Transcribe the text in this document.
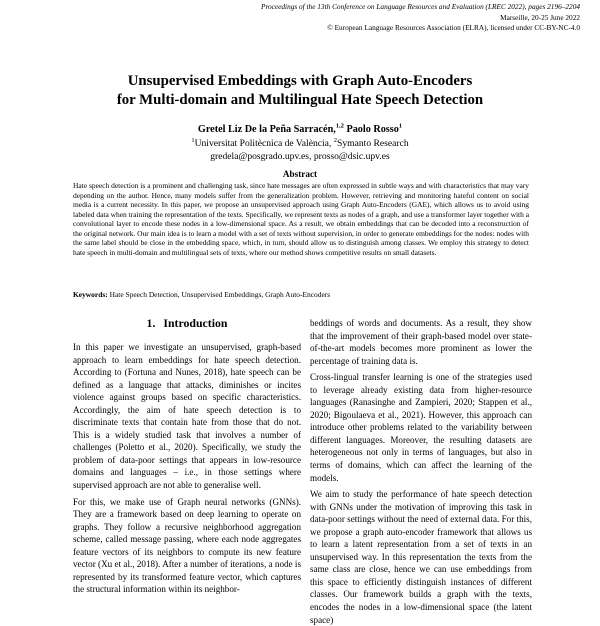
Proceedings of the 13th Conference on Language Resources and Evaluation (LREC 2022), pages 2196–2204
Marseille, 20-25 June 2022
© European Language Resources Association (ELRA), licensed under CC-BY-NC-4.0
Unsupervised Embeddings with Graph Auto-Encoders
for Multi-domain and Multilingual Hate Speech Detection
Gretel Liz De la Peña Sarracén,$^{1,2}$ Paolo Rosso$^1$
$^1$Universitat Politècnica de València, $^2$Symanto Research
gredela@posgrado.upv.es, prosso@dsic.upv.es
Abstract
Hate speech detection is a prominent and challenging task, since hate messages are often expressed in subtle ways and with characteristics that may vary depending on the author. Hence, many models suffer from the generalization problem. However, retrieving and monitoring hateful content on social media is a current necessity. In this paper, we propose an unsupervised approach using Graph Auto-Encoders (GAE), which allows us to avoid using labeled data when training the representation of the texts. Specifically, we represent texts as nodes of a graph, and use a transformer layer together with a convolutional layer to encode these nodes in a low-dimensional space. As a result, we obtain embeddings that can be decoded into a reconstruction of the original network. Our main idea is to learn a model with a set of texts without supervision, in order to generate embeddings for the nodes: nodes with the same label should be close in the embedding space, which, in turn, should allow us to distinguish among classes. We employ this strategy to detect hate speech in multi-domain and multilingual sets of texts, where our method shows competitive results on small datasets.
Keywords: Hate Speech Detection, Unsupervised Embeddings, Graph Auto-Encoders
1. Introduction

In this paper we investigate an unsupervised, graph-based approach to learn embeddings for hate speech detection. According to (Fortuna and Nunes, 2018), hate speech can be defined as a language that attacks, diminishes or incites violence against groups based on specific characteristics. Accordingly, the aim of hate speech detection is to discriminate texts that contain hate from those that do not. This is a widely studied task that involves a number of challenges (Poletto et al., 2020). Specifically, we study the problem of data-poor settings that appears in low-resource domains and languages – i.e., in those settings where supervised approach are not able to generalise well.

For this, we make use of Graph neural networks (GNNs). They are a framework based on deep learning to operate on graphs. They follow a recursive neighborhood aggregation scheme, called message passing, where each node aggregates feature vectors of its neighbors to compute its new feature vector (Xu et al., 2018). After a number of iterations, a node is represented by its transformed feature vector, which captures the structural information within its neighbor-

beddings of words and documents. As a result, they show that the improvement of their graph-based model over state-of-the-art models becomes more prominent as lower the percentage of training data is.

Cross-lingual transfer learning is one of the strategies used to leverage already existing data from higher-resource languages (Ranasinghe and Zampieri, 2020; Stappen et al., 2020; Bigoulaeva et al., 2021). However, this approach can introduce other problems related to the variability between different languages. Moreover, the resulting datasets are heterogeneous not only in terms of languages, but also in terms of domains, which can affect the learning of the models.

We aim to study the performance of hate speech detection with GNNs under the motivation of improving this task in data-poor settings without the need of external data. For this, we propose a graph auto-encoder framework that allows us to learn a latent representation from a set of texts in an unsupervised way. In this representation the texts from the same class are close, hence we can use embeddings from this space to efficiently distinguish instances of different classes. Our framework builds a graph with the texts, encodes the nodes in a low-dimensional space (the latent space)
